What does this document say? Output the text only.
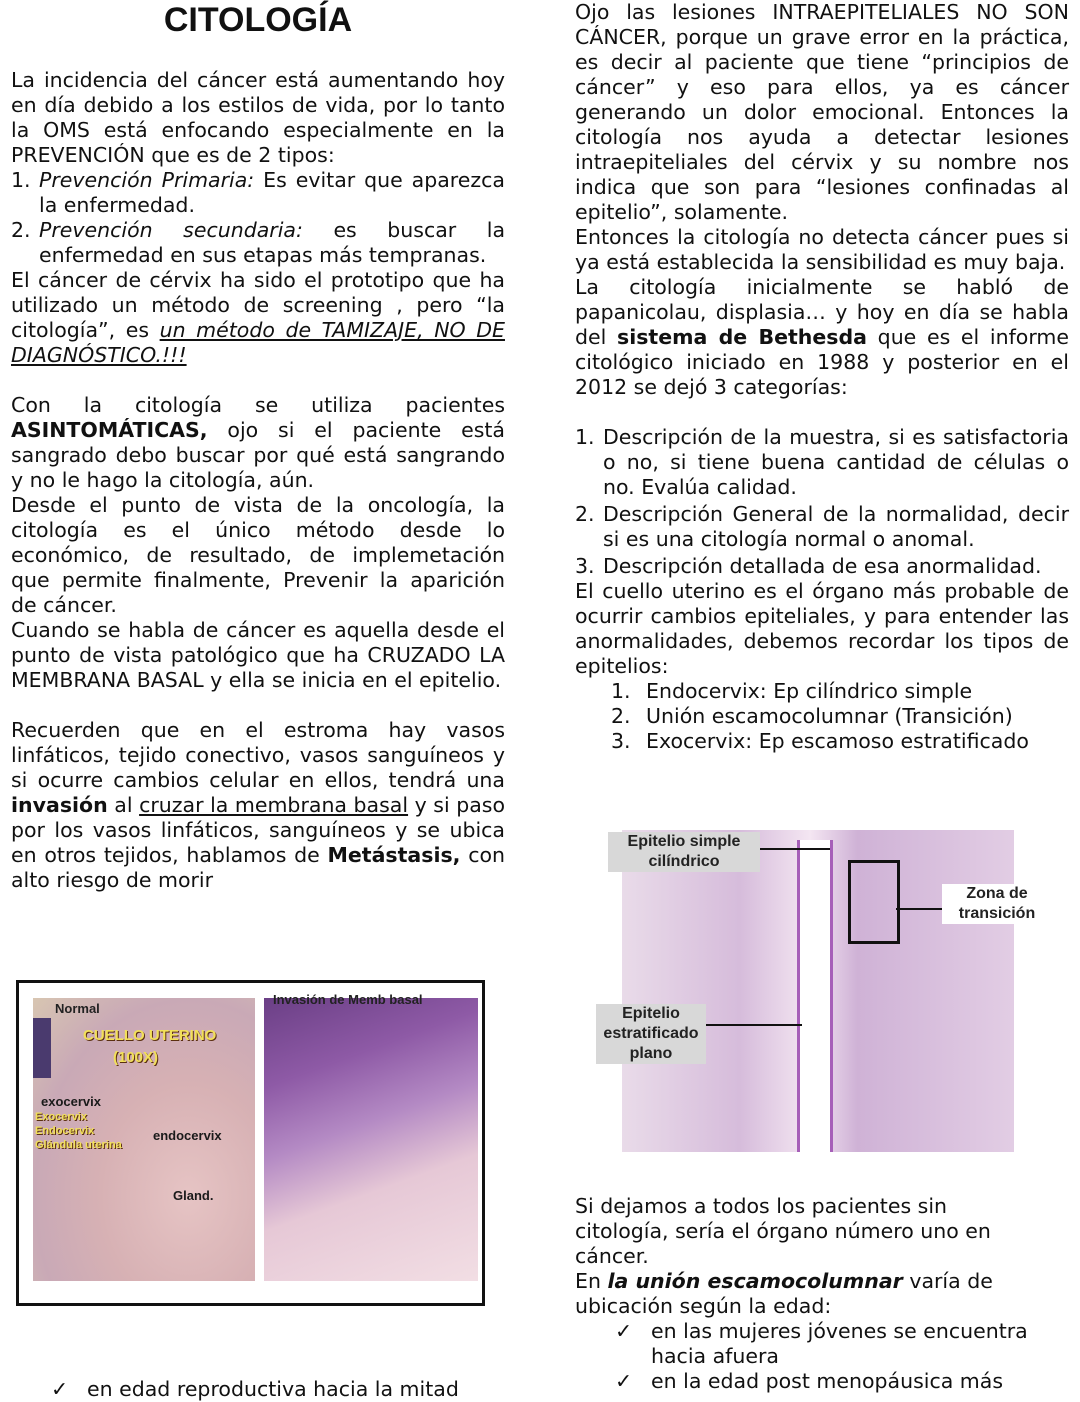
CITOLOGÍA

La incidencia del cáncer está aumentando hoy en día debido a los estilos de vida, por lo tanto la OMS está enfocando especialmente en la PREVENCIÓN que es de 2 tipos:

1. Prevención Primaria: Es evitar que aparezca la enfermedad.
2. Prevención secundaria: es buscar la enfermedad en sus etapas más tempranas.

El cáncer de cérvix ha sido el prototipo que ha utilizado un método de screening , pero “la citología”, es un método de TAMIZAJE, NO DE DIAGNÓSTICO.!!!

Con la citología se utiliza pacientes ASINTOMÁTICAS, ojo si el paciente está sangrado debo buscar por qué está sangrando y no le hago la citología, aún.

Desde el punto de vista de la oncología, la citología es el único método desde lo económico, de resultado, de implemetación que permite finalmente, Prevenir la aparición de cáncer.

Cuando se habla de cáncer es aquella desde el punto de vista patológico que ha CRUZADO LA MEMBRANA BASAL y ella se inicia en el epitelio.

Recuerden que en el estroma hay vasos linfáticos, tejido conectivo, vasos sanguíneos y si ocurre cambios celular en ellos, tendrá una invasión al cruzar la membrana basal y si paso por los vasos linfáticos, sanguíneos y se ubica en otros tejidos, hablamos de Metástasis, con alto riesgo de morir

CUELLO UTERINO
(100X)
exocervix
Exocervix
Endocervix
Glándula uterina
endocervix
Gland.
Normal
Invasión de Memb basal
✓ en edad reproductiva hacia la mitad

Ojo las lesiones INTRAEPITELIALES NO SON CÁNCER, porque un grave error en la práctica, es decir al paciente que tiene “principios de cáncer” y eso para ellos, ya es cáncer generando un dolor emocional. Entonces la citología nos ayuda a detectar lesiones intraepiteliales del cérvix y su nombre nos indica que son para “lesiones confinadas al epitelio”, solamente.

Entonces la citología no detecta cáncer pues si ya está establecida la sensibilidad es muy baja.

La citología inicialmente se habló de papanicolau, displasia… y hoy en día se habla del sistema de Bethesda que es el informe citológico iniciado en 1988 y posterior en el 2012 se dejó 3 categorías:

1. Descripción de la muestra, si es satisfactoria o no, si tiene buena cantidad de células o no. Evalúa calidad.
2. Descripción General de la normalidad, decir si es una citología normal o anomal.
3. Descripción detallada de esa anormalidad.

El cuello uterino es el órgano más probable de ocurrir cambios epiteliales, y para entender las anormalidades, debemos recordar los tipos de epitelios:

1. Endocervix: Ep cilíndrico simple
2. Unión escamocolumnar (Transición)
3. Exocervix: Ep escamoso estratificado
Epitelio simple cilíndrico
Zona de transición
Epitelio estratificado plano

Si dejamos a todos los pacientes sin citología, sería el órgano número uno en cáncer.

En la unión escamocolumnar varía de ubicación según la edad:

✓ en las mujeres jóvenes se encuentra hacia afuera
✓ en la edad post menopáusica más
